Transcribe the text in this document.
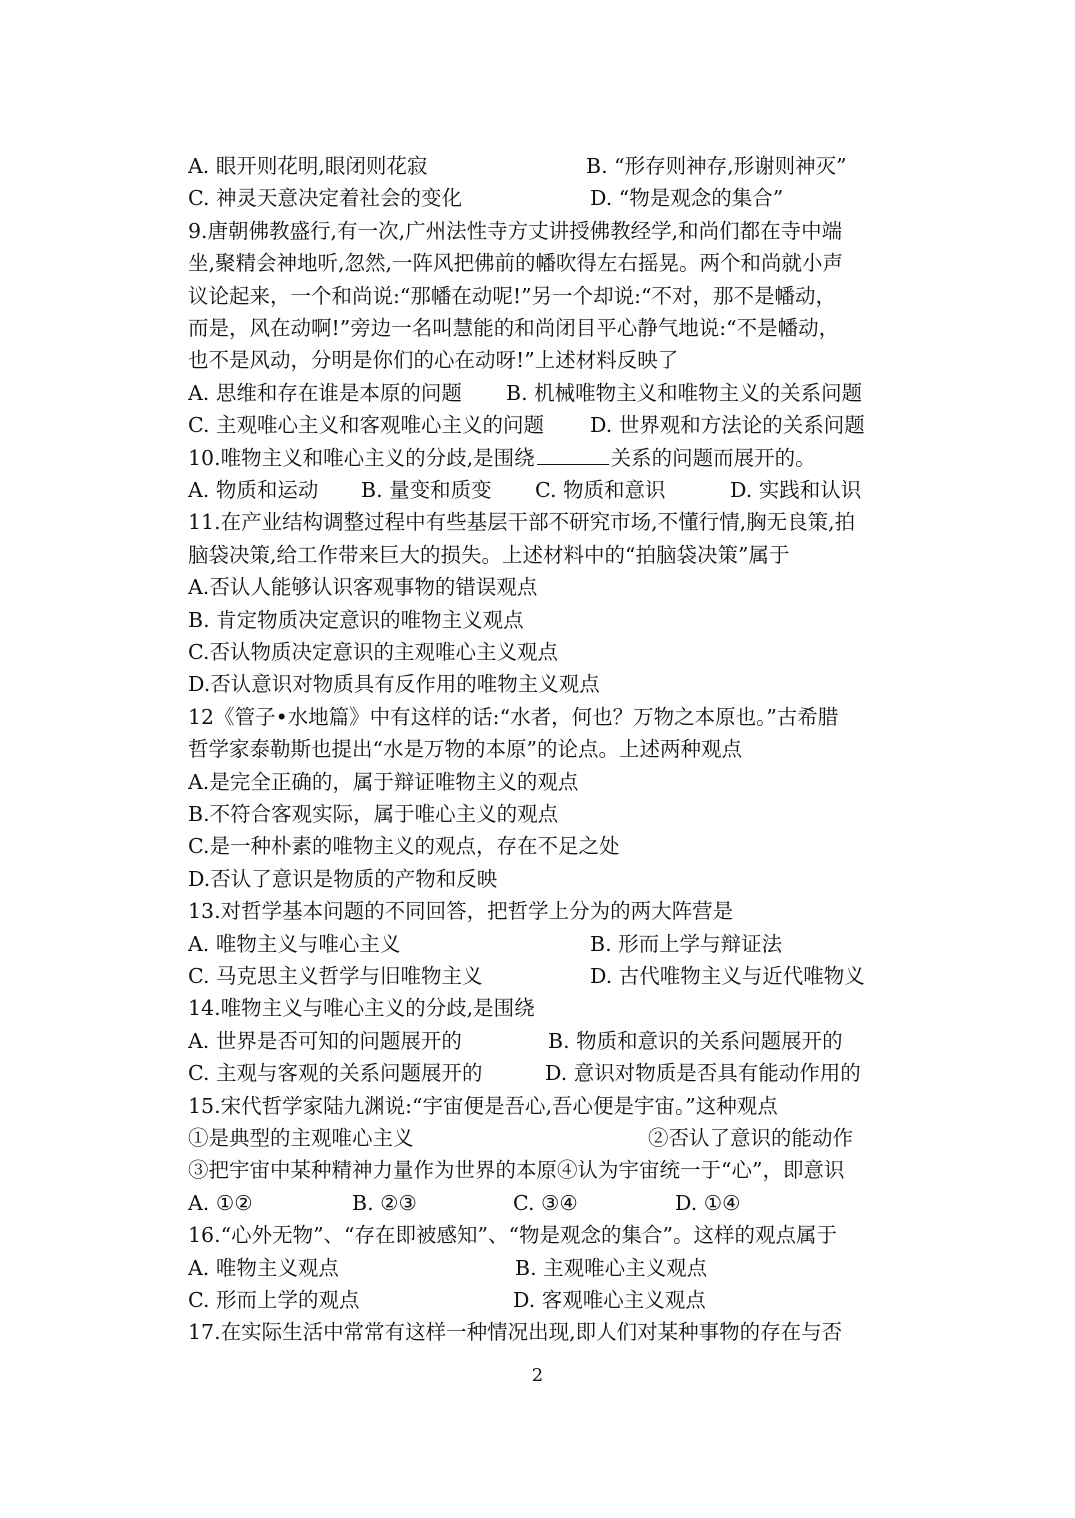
A. 眼开则花明,眼闭则花寂	B. “形存则神存,形谢则神灭”
C. 神灵天意决定着社会的变化	D. “物是观念的集合”
9.唐朝佛教盛行,有一次,广州法性寺方丈讲授佛教经学,和尚们都在寺中端
坐,聚精会神地听,忽然,一阵风把佛前的幡吹得左右摇晃。两个和尚就小声
议论起来，一个和尚说:“那幡在动呢!”另一个却说:“不对，那不是幡动，
而是，风在动啊!”旁边一名叫慧能的和尚闭目平心静气地说:“不是幡动，
也不是风动，分明是你们的心在动呀!”上述材料反映了
A. 思维和存在谁是本原的问题 B. 机械唯物主义和唯物主义的关系问题
C. 主观唯心主义和客观唯心主义的问题 D. 世界观和方法论的关系问题
10.唯物主义和唯心主义的分歧,是围绕	关系的问题而展开的。
A. 物质和运动 B. 量变和质变 C. 物质和意识	D. 实践和认识
11.在产业结构调整过程中有些基层干部不研究市场,不懂行情,胸无良策,拍
脑袋决策,给工作带来巨大的损失。上述材料中的“拍脑袋决策”属于
A.否认人能够认识客观事物的错误观点
B. 肯定物质决定意识的唯物主义观点
C.否认物质决定意识的主观唯心主义观点
D.否认意识对物质具有反作用的唯物主义观点
12《管子•水地篇》中有这样的话:“水者，何也？万物之本原也。”古希腊
哲学家泰勒斯也提出“水是万物的本原”的论点。上述两种观点
A.是完全正确的，属于辩证唯物主义的观点
B.不符合客观实际，属于唯心主义的观点
C.是一种朴素的唯物主义的观点，存在不足之处
D.否认了意识是物质的产物和反映
13.对哲学基本问题的不同回答，把哲学上分为的两大阵营是
A. 唯物主义与唯心主义	B. 形而上学与辩证法
C. 马克思主义哲学与旧唯物主义	D. 古代唯物主义与近代唯物义
14.唯物主义与唯心主义的分歧,是围绕
A. 世界是否可知的问题展开的	B. 物质和意识的关系问题展开的
C. 主观与客观的关系问题展开的	D. 意识对物质是否具有能动作用的
15.宋代哲学家陆九渊说:“宇宙便是吾心,吾心便是宇宙。”这种观点
①是典型的主观唯心主义	②否认了意识的能动作
③把宇宙中某种精神力量作为世界的本原④认为宇宙统一于“心”，即意识
A. ①②	B. ②③	C. ③④	D. ①④
16.“心外无物”、“存在即被感知”、“物是观念的集合”。这样的观点属于
A. 唯物主义观点	B. 主观唯心主义观点
C. 形而上学的观点	D. 客观唯心主义观点
17.在实际生活中常常有这样一种情况出现,即人们对某种事物的存在与否
2
